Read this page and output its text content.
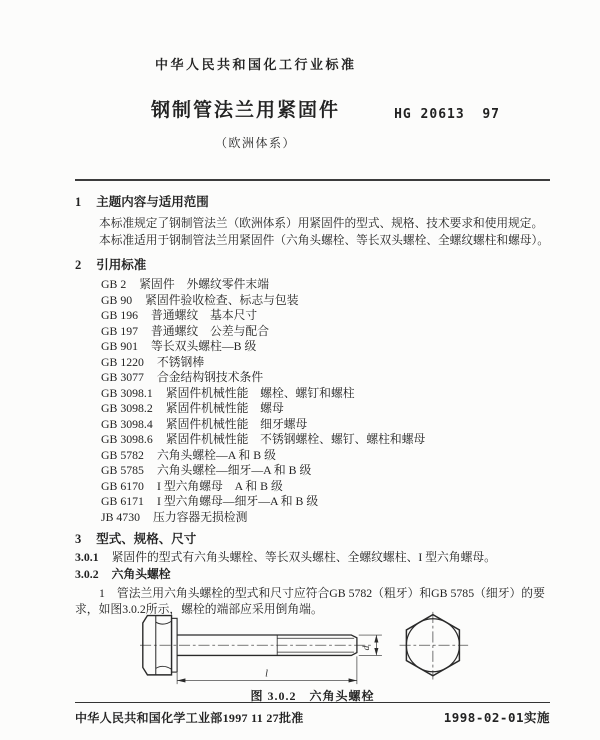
中华人民共和国化工行业标准
钢制管法兰用紧固件	HG 20613  97
（欧洲体系）
1 主题内容与适用范围

本标准规定了钢制管法兰（欧洲体系）用紧固件的型式、规格、技术要求和使用规定。

本标准适用于钢制管法兰用紧固件（六角头螺栓、等长双头螺栓、全螺纹螺柱和螺母）。

2 引用标准
GB 2 紧固件　外螺纹零件末端
GB 90 紧固件验收检查、标志与包装
GB 196 普通螺纹　基本尺寸
GB 197 普通螺纹　公差与配合
GB 901 等长双头螺柱—B 级
GB 1220 不锈钢棒
GB 3077 合金结构钢技术条件
GB 3098.1 紧固件机械性能　螺栓、螺钉和螺柱
GB 3098.2 紧固件机械性能　螺母
GB 3098.4 紧固件机械性能　细牙螺母
GB 3098.6 紧固件机械性能　不锈钢螺栓、螺钉、螺柱和螺母
GB 5782 六角头螺栓—A 和 B 级
GB 5785 六角头螺栓—细牙—A 和 B 级
GB 6170 I 型六角螺母　A 和 B 级
GB 6171 I 型六角螺母—细牙—A 和 B 级
JB 4730 压力容器无损检测
3 型式、规格、尺寸
3.0.1 紧固件的型式有六角头螺栓、等长双头螺柱、全螺纹螺柱、I 型六角螺母。
3.0.2 六角头螺栓

1 管法兰用六角头螺栓的型式和尺寸应符合GB 5782（粗牙）和GB 5785（细牙）的要求，如图3.0.2所示，螺栓的端部应采用倒角端。

l
d
图 3.0.2　六角头螺栓
中华人民共和国化学工业部1997 11 27批准	1998-02-01实施
